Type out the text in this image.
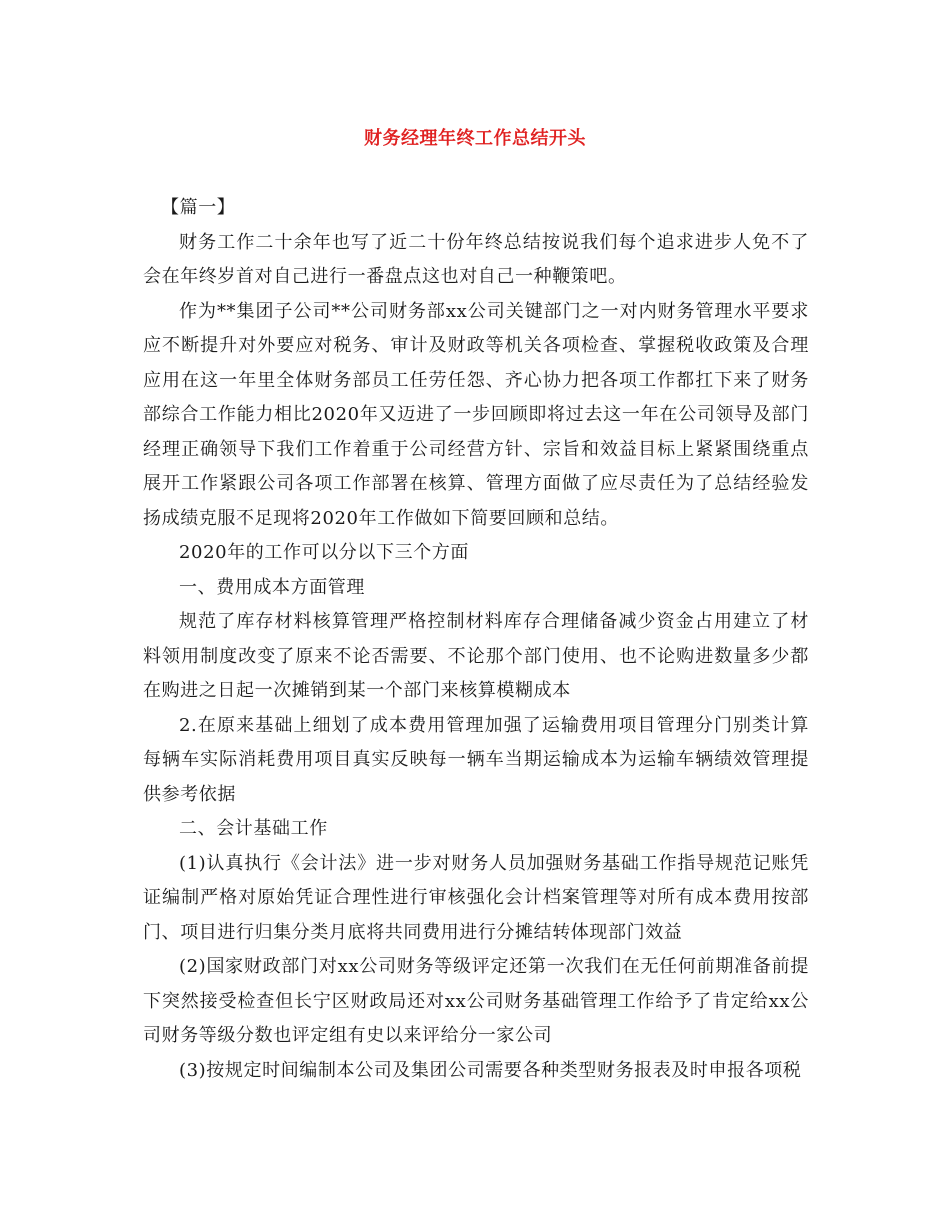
财务经理年终工作总结开头

【篇一】

财务工作二十余年也写了近二十份年终总结按说我们每个追求进步人免不了会在年终岁首对自己进行一番盘点这也对自己一种鞭策吧。

作为**集团子公司**公司财务部xx公司关键部门之一对内财务管理水平要求应不断提升对外要应对税务、审计及财政等机关各项检查、掌握税收政策及合理应用在这一年里全体财务部员工任劳任怨、齐心协力把各项工作都扛下来了财务部综合工作能力相比2020年又迈进了一步回顾即将过去这一年在公司领导及部门经理正确领导下我们工作着重于公司经营方针、宗旨和效益目标上紧紧围绕重点展开工作紧跟公司各项工作部署在核算、管理方面做了应尽责任为了总结经验发扬成绩克服不足现将2020年工作做如下简要回顾和总结。

2020年的工作可以分以下三个方面

一、费用成本方面管理

规范了库存材料核算管理严格控制材料库存合理储备减少资金占用建立了材料领用制度改变了原来不论否需要、不论那个部门使用、也不论购进数量多少都在购进之日起一次摊销到某一个部门来核算模糊成本

2.在原来基础上细划了成本费用管理加强了运输费用项目管理分门别类计算每辆车实际消耗费用项目真实反映每一辆车当期运输成本为运输车辆绩效管理提供参考依据

二、会计基础工作

(1)认真执行《会计法》进一步对财务人员加强财务基础工作指导规范记账凭证编制严格对原始凭证合理性进行审核强化会计档案管理等对所有成本费用按部门、项目进行归集分类月底将共同费用进行分摊结转体现部门效益

(2)国家财政部门对xx公司财务等级评定还第一次我们在无任何前期准备前提下突然接受检查但长宁区财政局还对xx公司财务基础管理工作给予了肯定给xx公司财务等级分数也评定组有史以来评给分一家公司

(3)按规定时间编制本公司及集团公司需要各种类型财务报表及时申报各项税
